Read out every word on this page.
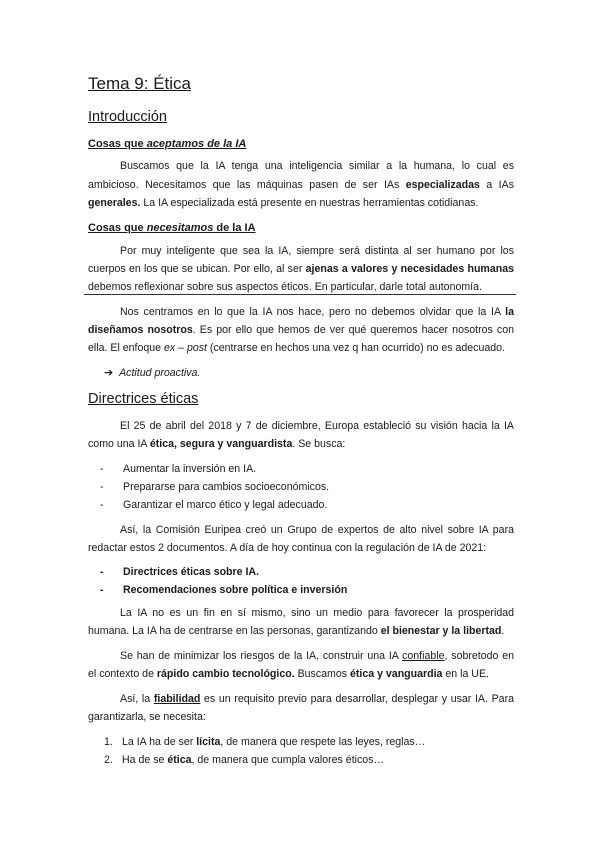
Tema 9: Ética
Introducción
Cosas que aceptamos de la IA
Buscamos que la IA tenga una inteligencia similar a la humana, lo cual es
ambicioso. Necesitamos que las máquinas pasen de ser IAs especializadas a IAs
generales. La IA especializada está presente en nuestras herramientas cotidianas.
Cosas que necesitamos de la IA
Por muy inteligente que sea la IA, siempre será distinta al ser humano por los
cuerpos en los que se ubican. Por ello, al ser ajenas a valores y necesidades humanas
debemos reflexionar sobre sus aspectos éticos. En particular, darle total autonomía.
Nos centramos en lo que la IA nos hace, pero no debemos olvidar que la IA la
diseñamos nosotros. Es por ello que hemos de ver qué queremos hacer nosotros con
ella. El enfoque ex – post (centrarse en hechos una vez q han ocurrido) no es adecuado.
➔ Actitud proactiva.
Directrices éticas
El 25 de abril del 2018 y 7 de diciembre, Europa estableció su visión hacia la IA
como una IA ética, segura y vanguardista. Se busca:
- Aumentar la inversión en IA.
- Prepararse para cambios socioeconómicos.
- Garantizar el marco ético y legal adecuado.
Así, la Comisión Euripea creó un Grupo de expertos de alto nivel sobre IA para
redactar estos 2 documentos. A día de hoy continua con la regulación de IA de 2021:
- Directrices éticas sobre IA.
- Recomendaciones sobre política e inversión
La IA no es un fin en sí mismo, sino un medio para favorecer la prosperidad
humana. La IA ha de centrarse en las personas, garantizando el bienestar y la libertad.
Se han de minimizar los riesgos de la IA, construir una IA confiable, sobretodo en
el contexto de rápido cambio tecnológico. Buscamos ética y vanguardia en la UE.
Así, la fiabilidad es un requisito previo para desarrollar, desplegar y usar IA. Para
garantizarla, se necesita:
1. La IA ha de ser lícita, de manera que respete las leyes, reglas…
2. Ha de se ética, de manera que cumpla valores éticos…
